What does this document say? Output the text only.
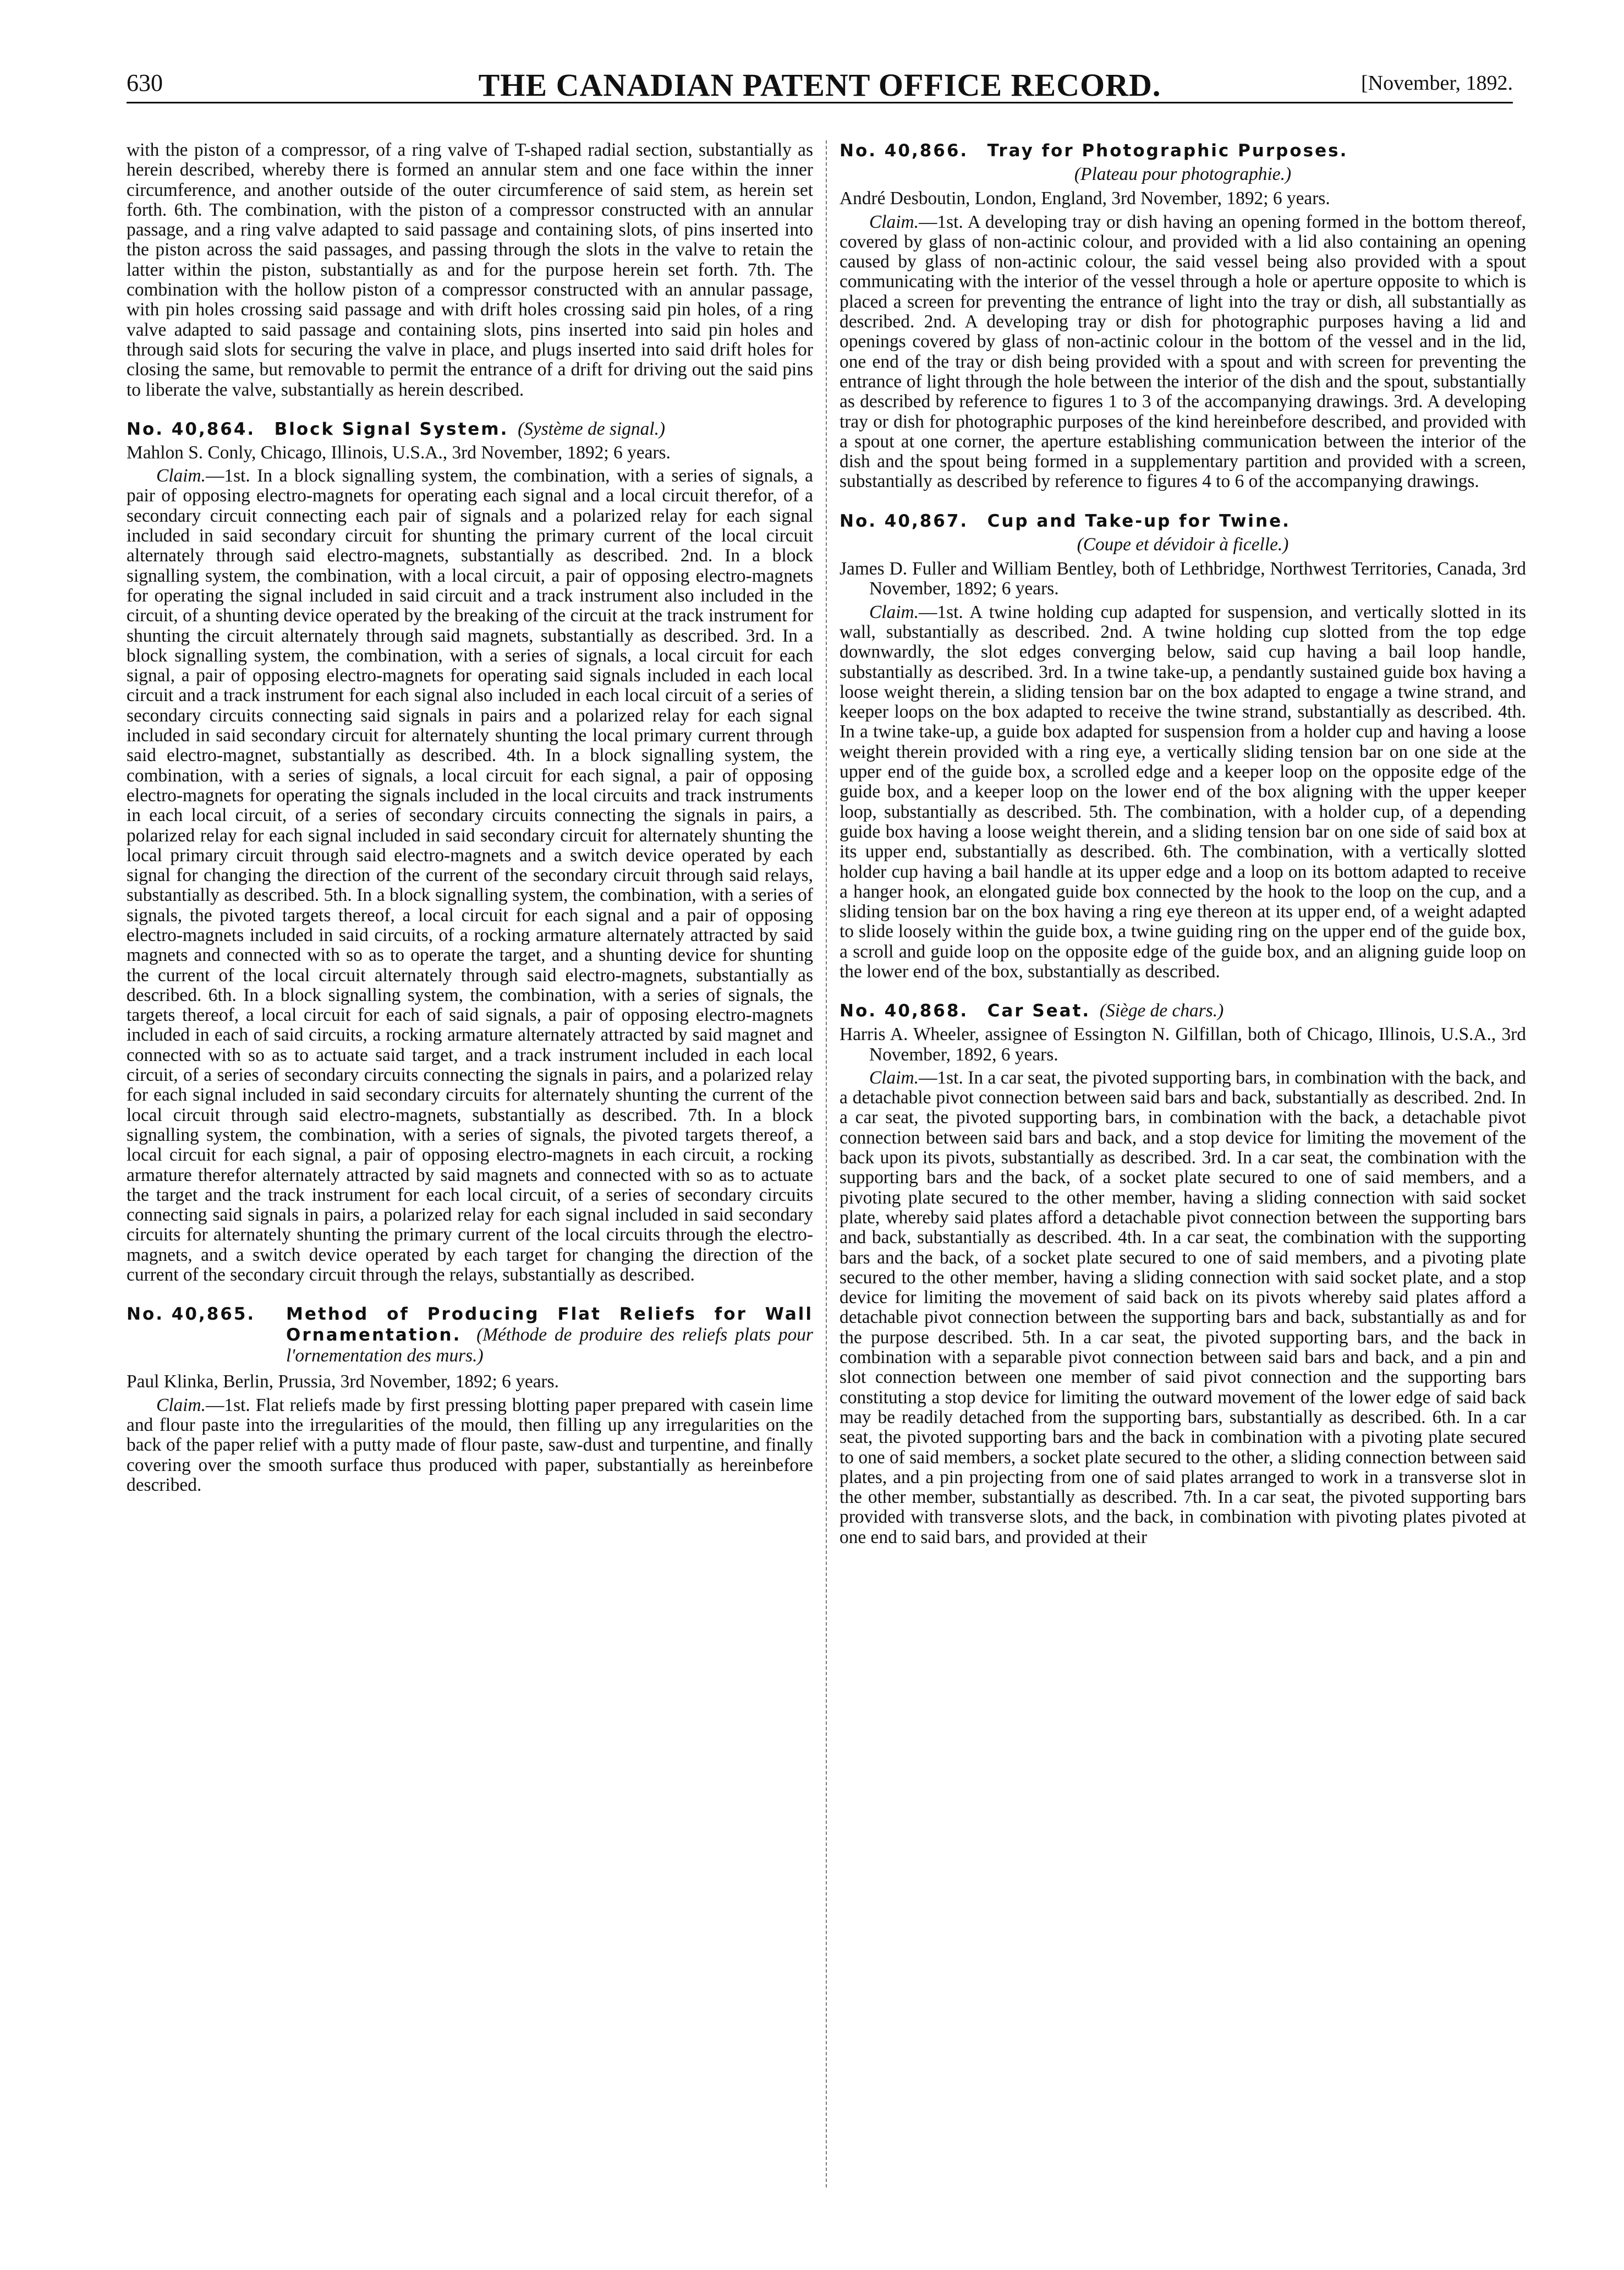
630	THE CANADIAN PATENT OFFICE RECORD.	[November, 1892.

with the piston of a compressor, of a ring valve of T-shaped radial section, substantially as herein described, whereby there is formed an annular stem and one face within the inner circumference, and another outside of the outer circumference of said stem, as herein set forth. 6th. The combination, with the piston of a compressor constructed with an annular passage, and a ring valve adapted to said passage and containing slots, of pins inserted into the piston across the said passages, and passing through the slots in the valve to retain the latter within the piston, substantially as and for the purpose herein set forth. 7th. The combination with the hollow piston of a compressor constructed with an annular passage, with pin holes crossing said passage and with drift holes crossing said pin holes, of a ring valve adapted to said passage and containing slots, pins inserted into said pin holes and through said slots for securing the valve in place, and plugs inserted into said drift holes for closing the same, but removable to permit the entrance of a drift for driving out the said pins to liberate the valve, substantially as herein described.

No. 40,864. Block Signal System. (Système de signal.)

Mahlon S. Conly, Chicago, Illinois, U.S.A., 3rd November, 1892; 6 years.

Claim.—1st. In a block signalling system, the combination, with a series of signals, a pair of opposing electro-magnets for operating each signal and a local circuit therefor, of a secondary circuit connecting each pair of signals and a polarized relay for each signal included in said secondary circuit for shunting the primary current of the local circuit alternately through said electro-magnets, substantially as described. 2nd. In a block signalling system, the combination, with a local circuit, a pair of opposing electro-magnets for operating the signal included in said circuit and a track instrument also included in the circuit, of a shunting device operated by the breaking of the circuit at the track instrument for shunting the circuit alternately through said magnets, substantially as described. 3rd. In a block signalling system, the combination, with a series of signals, a local circuit for each signal, a pair of opposing electro-magnets for operating said signals included in each local circuit and a track instrument for each signal also included in each local circuit of a series of secondary circuits connecting said signals in pairs and a polarized relay for each signal included in said secondary circuit for alternately shunting the local primary current through said electro-magnet, substantially as described. 4th. In a block signalling system, the combination, with a series of signals, a local circuit for each signal, a pair of opposing electro-magnets for operating the signals included in the local circuits and track instruments in each local circuit, of a series of secondary circuits connecting the signals in pairs, a polarized relay for each signal included in said secondary circuit for alternately shunting the local primary circuit through said electro-magnets and a switch device operated by each signal for changing the direction of the current of the secondary circuit through said relays, substantially as described. 5th. In a block signalling system, the combination, with a series of signals, the pivoted targets thereof, a local circuit for each signal and a pair of opposing electro-magnets included in said circuits, of a rocking armature alternately attracted by said magnets and connected with so as to operate the target, and a shunting device for shunting the current of the local circuit alternately through said electro-magnets, substantially as described. 6th. In a block signalling system, the combination, with a series of signals, the targets thereof, a local circuit for each of said signals, a pair of opposing electro-magnets included in each of said circuits, a rocking armature alternately attracted by said magnet and connected with so as to actuate said target, and a track instrument included in each local circuit, of a series of secondary circuits connecting the signals in pairs, and a polarized relay for each signal included in said secondary circuits for alternately shunting the current of the local circuit through said electro-magnets, substantially as described. 7th. In a block signalling system, the combination, with a series of signals, the pivoted targets thereof, a local circuit for each signal, a pair of opposing electro-magnets in each circuit, a rocking armature therefor alternately attracted by said magnets and connected with so as to actuate the target and the track instrument for each local circuit, of a series of secondary circuits connecting said signals in pairs, a polarized relay for each signal included in said secondary circuits for alternately shunting the primary current of the local circuits through the electro-magnets, and a switch device operated by each target for changing the direction of the current of the secondary circuit through the relays, substantially as described.

No. 40,865.	Method of Producing Flat Reliefs for Wall Ornamentation. (Méthode de produire des reliefs plats pour l'ornementation des murs.)

Paul Klinka, Berlin, Prussia, 3rd November, 1892; 6 years.

Claim.—1st. Flat reliefs made by first pressing blotting paper prepared with casein lime and flour paste into the irregularities of the mould, then filling up any irregularities on the back of the paper relief with a putty made of flour paste, saw-dust and turpentine, and finally covering over the smooth surface thus produced with paper, substantially as hereinbefore described.

No. 40,866. Tray for Photographic Purposes.

(Plateau pour photographie.)

André Desboutin, London, England, 3rd November, 1892; 6 years.

Claim.—1st. A developing tray or dish having an opening formed in the bottom thereof, covered by glass of non-actinic colour, and provided with a lid also containing an opening caused by glass of non-actinic colour, the said vessel being also provided with a spout communicating with the interior of the vessel through a hole or aperture opposite to which is placed a screen for preventing the entrance of light into the tray or dish, all substantially as described. 2nd. A developing tray or dish for photographic purposes having a lid and openings covered by glass of non-actinic colour in the bottom of the vessel and in the lid, one end of the tray or dish being provided with a spout and with screen for preventing the entrance of light through the hole between the interior of the dish and the spout, substantially as described by reference to figures 1 to 3 of the accompanying drawings. 3rd. A developing tray or dish for photographic purposes of the kind hereinbefore described, and provided with a spout at one corner, the aperture establishing communication between the interior of the dish and the spout being formed in a supplementary partition and provided with a screen, substantially as described by reference to figures 4 to 6 of the accompanying drawings.

No. 40,867. Cup and Take-up for Twine.

(Coupe et dévidoir à ficelle.)

James D. Fuller and William Bentley, both of Lethbridge, Northwest Territories, Canada, 3rd November, 1892; 6 years.

Claim.—1st. A twine holding cup adapted for suspension, and vertically slotted in its wall, substantially as described. 2nd. A twine holding cup slotted from the top edge downwardly, the slot edges converging below, said cup having a bail loop handle, substantially as described. 3rd. In a twine take-up, a pendantly sustained guide box having a loose weight therein, a sliding tension bar on the box adapted to engage a twine strand, and keeper loops on the box adapted to receive the twine strand, substantially as described. 4th. In a twine take-up, a guide box adapted for suspension from a holder cup and having a loose weight therein provided with a ring eye, a vertically sliding tension bar on one side at the upper end of the guide box, a scrolled edge and a keeper loop on the opposite edge of the guide box, and a keeper loop on the lower end of the box aligning with the upper keeper loop, substantially as described. 5th. The combination, with a holder cup, of a depending guide box having a loose weight therein, and a sliding tension bar on one side of said box at its upper end, substantially as described. 6th. The combination, with a vertically slotted holder cup having a bail handle at its upper edge and a loop on its bottom adapted to receive a hanger hook, an elongated guide box connected by the hook to the loop on the cup, and a sliding tension bar on the box having a ring eye thereon at its upper end, of a weight adapted to slide loosely within the guide box, a twine guiding ring on the upper end of the guide box, a scroll and guide loop on the opposite edge of the guide box, and an aligning guide loop on the lower end of the box, substantially as described.

No. 40,868. Car Seat. (Siège de chars.)

Harris A. Wheeler, assignee of Essington N. Gilfillan, both of Chicago, Illinois, U.S.A., 3rd November, 1892, 6 years.

Claim.—1st. In a car seat, the pivoted supporting bars, in combination with the back, and a detachable pivot connection between said bars and back, substantially as described. 2nd. In a car seat, the pivoted supporting bars, in combination with the back, a detachable pivot connection between said bars and back, and a stop device for limiting the movement of the back upon its pivots, substantially as described. 3rd. In a car seat, the combination with the supporting bars and the back, of a socket plate secured to one of said members, and a pivoting plate secured to the other member, having a sliding connection with said socket plate, whereby said plates afford a detachable pivot connection between the supporting bars and back, substantially as described. 4th. In a car seat, the combination with the supporting bars and the back, of a socket plate secured to one of said members, and a pivoting plate secured to the other member, having a sliding connection with said socket plate, and a stop device for limiting the movement of said back on its pivots whereby said plates afford a detachable pivot connection between the supporting bars and back, substantially as and for the purpose described. 5th. In a car seat, the pivoted supporting bars, and the back in combination with a separable pivot connection between said bars and back, and a pin and slot connection between one member of said pivot connection and the supporting bars constituting a stop device for limiting the outward movement of the lower edge of said back may be readily detached from the supporting bars, substantially as described. 6th. In a car seat, the pivoted supporting bars and the back in combination with a pivoting plate secured to one of said members, a socket plate secured to the other, a sliding connection between said plates, and a pin projecting from one of said plates arranged to work in a transverse slot in the other member, substantially as described. 7th. In a car seat, the pivoted supporting bars provided with transverse slots, and the back, in combination with pivoting plates pivoted at one end to said bars, and provided at their
